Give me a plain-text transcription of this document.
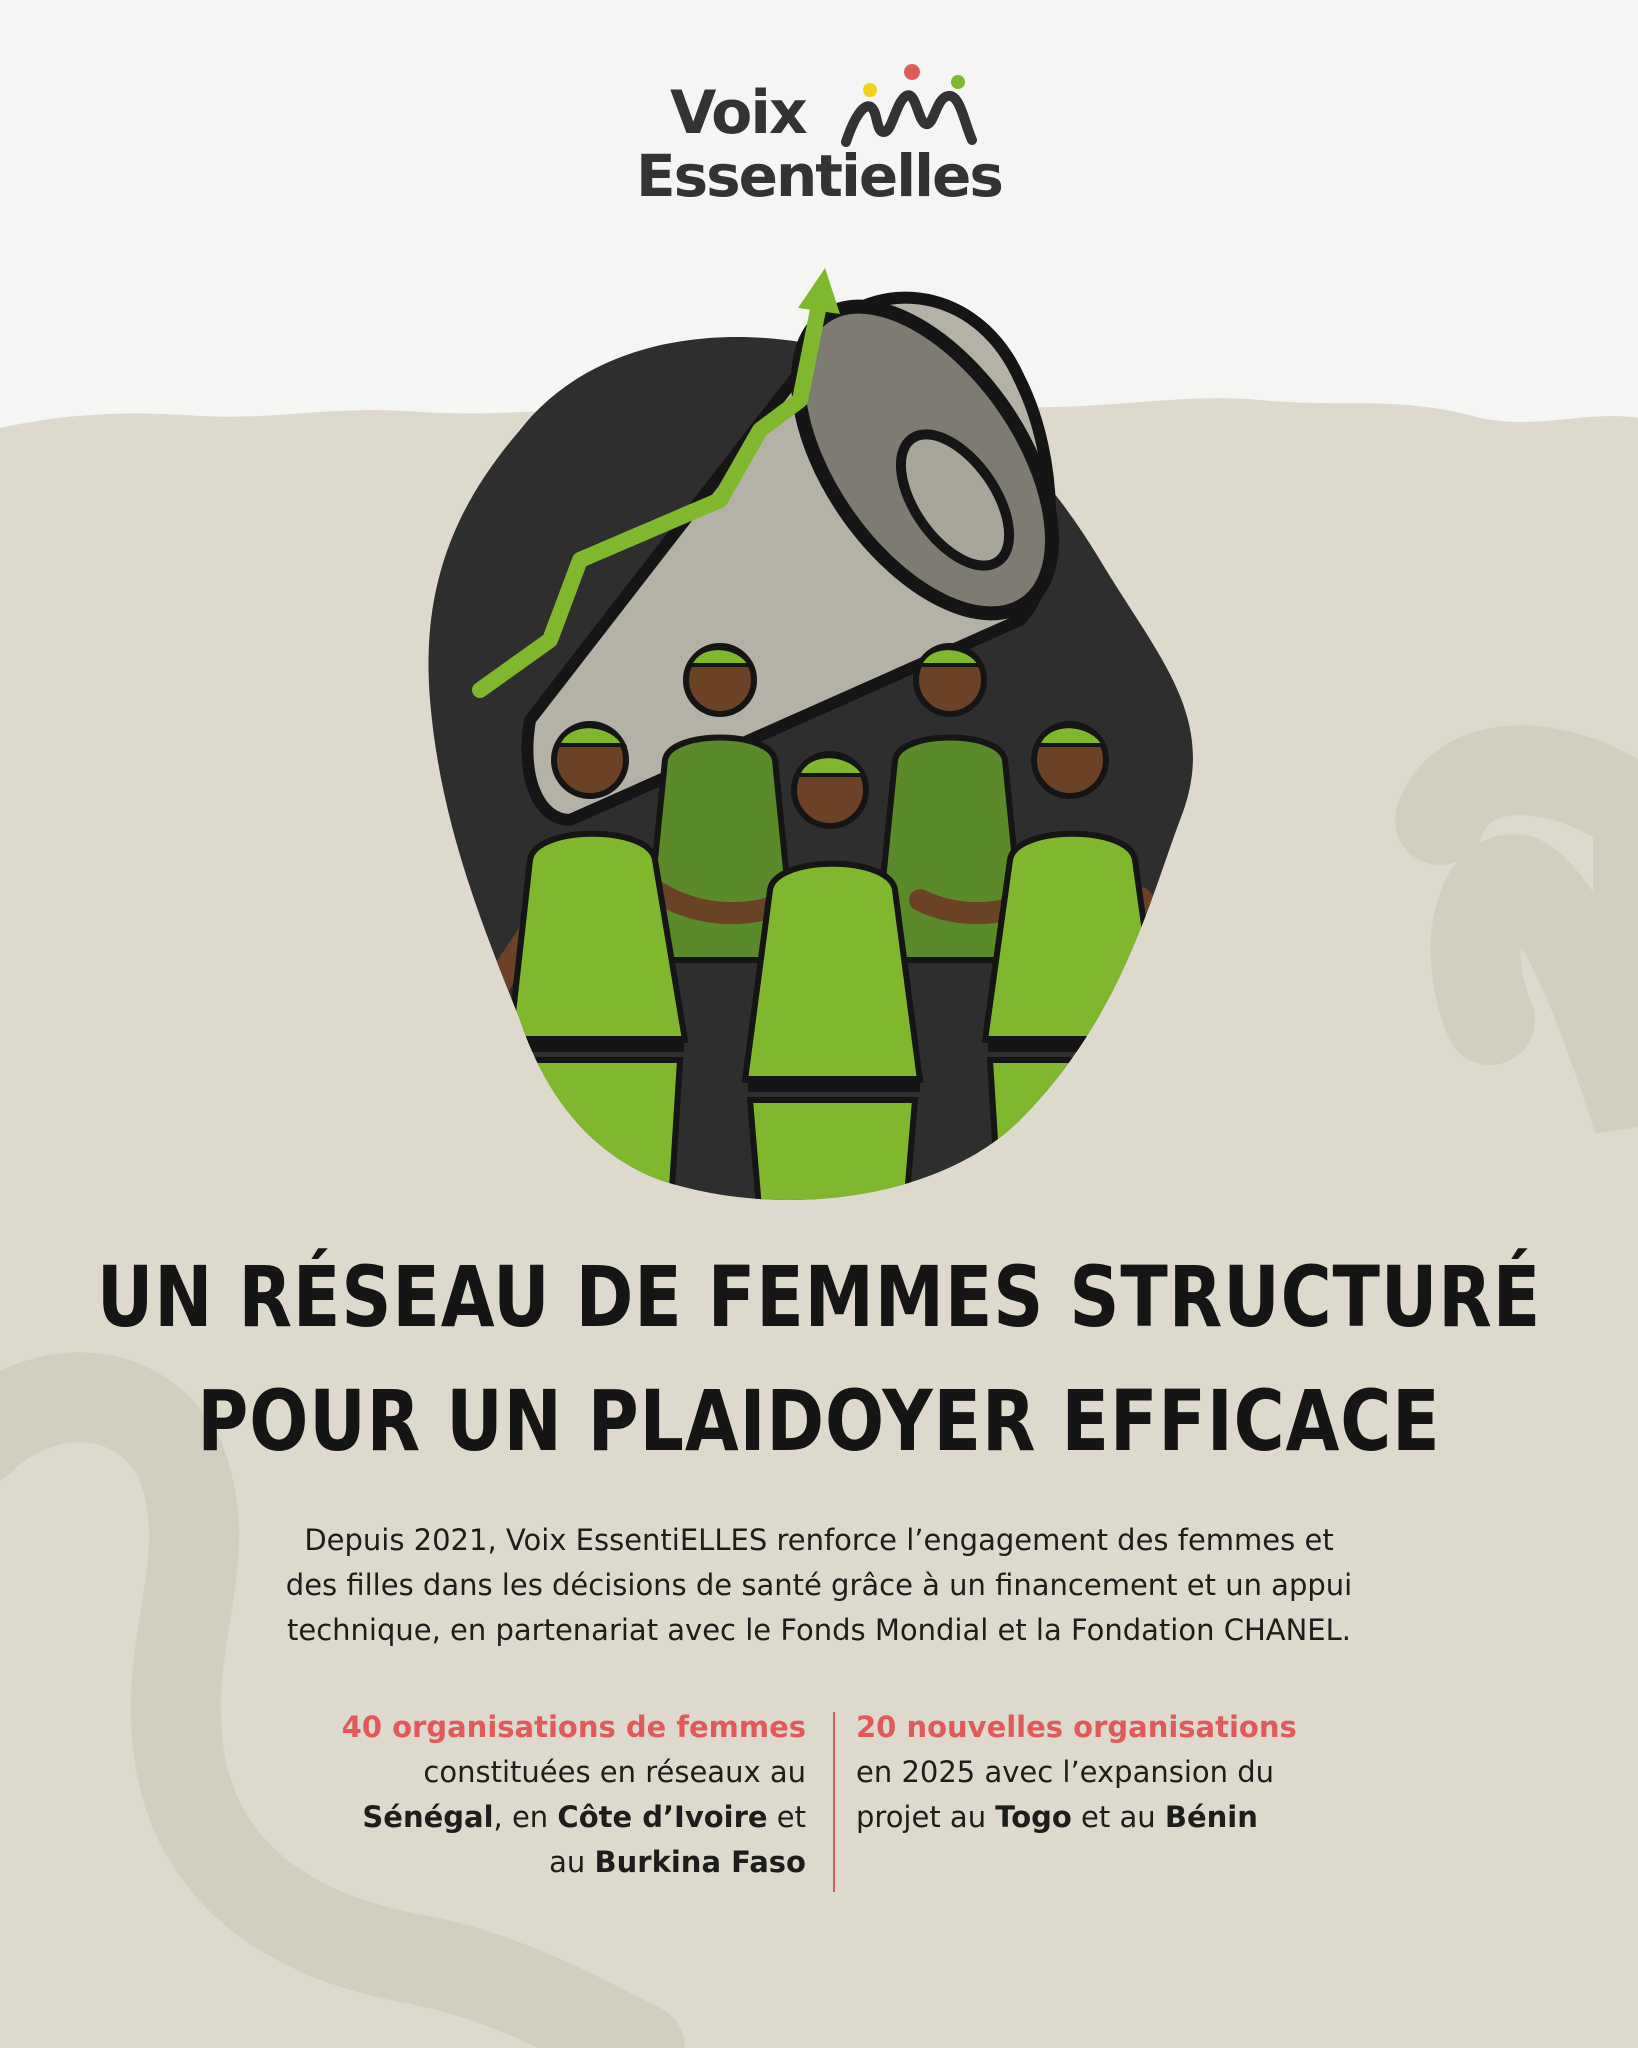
Voix
Essentielles
UN RÉSEAU DE FEMMES STRUCTURÉ
POUR UN PLAIDOYER EFFICACE
Depuis 2021, Voix EssentiELLES renforce l’engagement des femmes et
des filles dans les décisions de santé grâce à un financement et un appui
technique, en partenariat avec le Fonds Mondial et la Fondation CHANEL.
40 organisations de femmes
constituées en réseaux au
Sénégal, en Côte d’Ivoire et
au Burkina Faso
20 nouvelles organisations
en 2025 avec l’expansion du
projet au Togo et au Bénin
